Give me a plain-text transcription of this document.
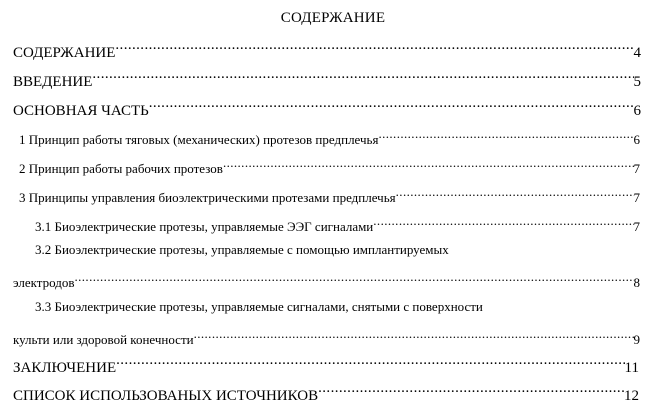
СОДЕРЖАНИЕ
СОДЕРЖАНИЕ .....	4
ВВЕДЕНИЕ .....	5
ОСНОВНАЯ ЧАСТЬ .....	6
1 Принцип работы тяговых (механических) протезов предплечья .....	6
2 Принцип работы рабочих протезов .....	7
3 Принципы управления биоэлектрическими протезами предплечья .....	7
3.1 Биоэлектрические протезы, управляемые ЭЭГ сигналами .....	7
3.2 Биоэлектрические протезы, управляемые с помощью имплантируемых
электродов .....	8
3.3 Биоэлектрические протезы, управляемые сигналами, снятыми с поверхности
культи или здоровой конечности .....	9
ЗАКЛЮЧЕНИЕ .....	11
СПИСОК ИСПОЛЬЗОВАНЫХ ИСТОЧНИКОВ .....	12
